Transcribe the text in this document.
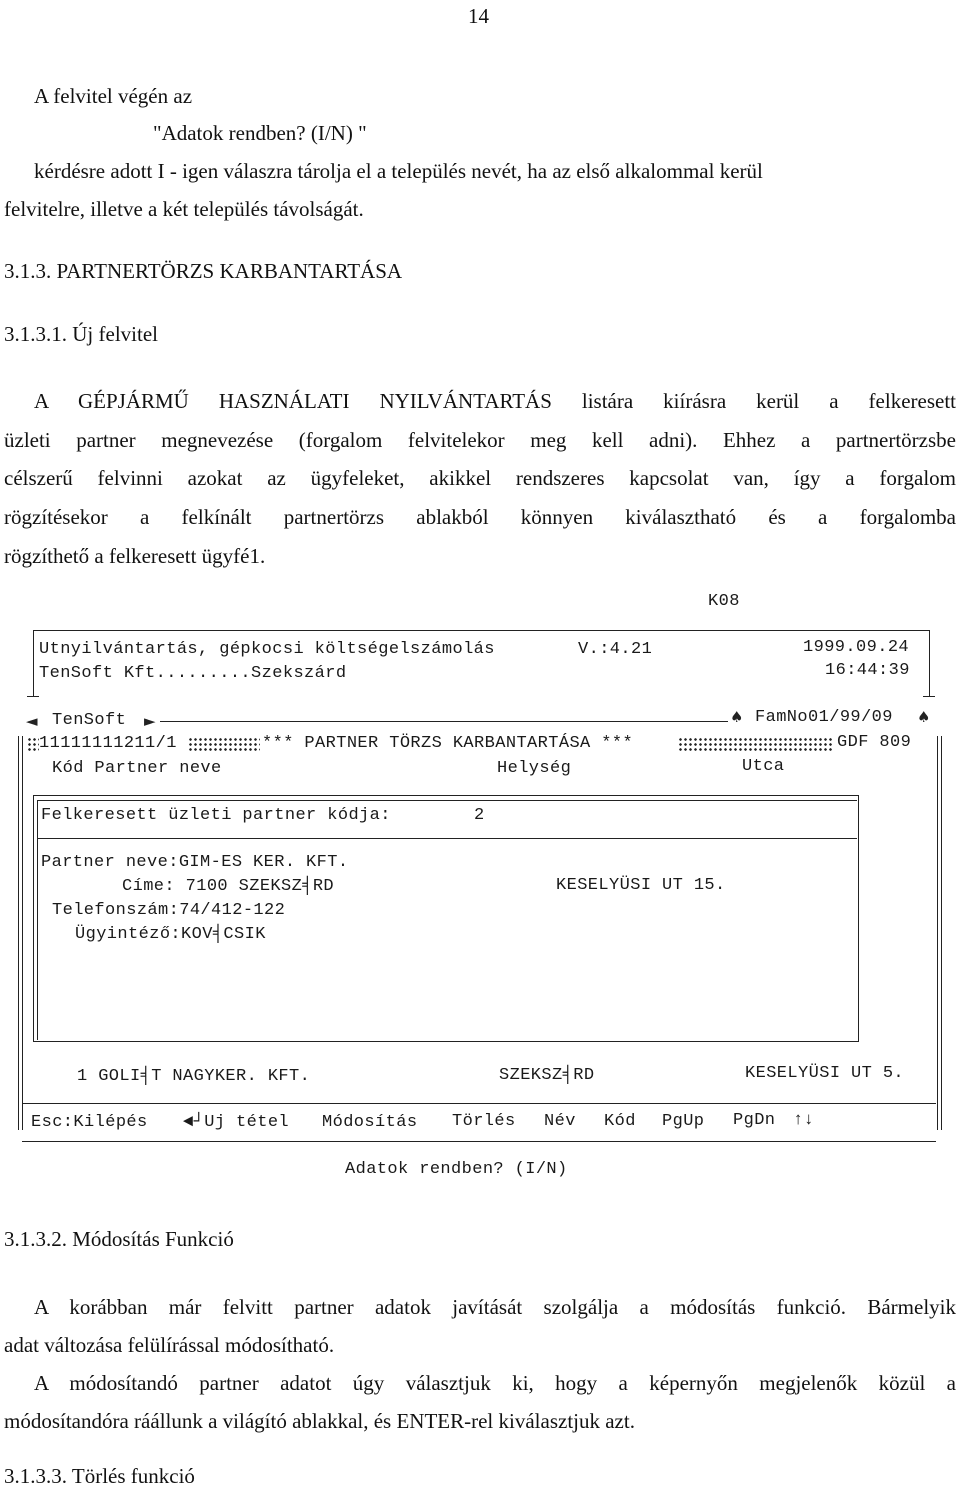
14
A felvitel végén az
"Adatok rendben? (I/N) "
kérdésre adott I - igen válaszra tárolja el a település nevét, ha az első alkalommal kerül
felvitelre, illetve a két település távolságát.
3.1.3. PARTNERTÖRZS KARBANTARTÁSA
3.1.3.1. Új felvitel
A GÉPJÁRMŰ HASZNÁLATI NYILVÁNTARTÁS listára kiírásra kerül a felkeresett
üzleti partner megnevezése (forgalom felvitelekor meg kell adni). Ehhez a partnertörzsbe
célszerű felvinni azokat az ügyfeleket, akikkel rendszeres kapcsolat van, így a forgalom
rögzítésekor a felkínált partnertörzs ablakból könnyen kiválasztható és a forgalomba
rögzíthető a felkeresett ügyfé1.
K08
Utnyilvántartás, gépkocsi költségelszámolás	V.:4.21	1999.09.24
TenSoft Kft.........Szekszárd	16:44:39
◄ TenSoft ►	♠ FamNo01/99/09 ♠
11111111211/1	*** PARTNER TÖRZS KARBANTARTÁSA ***	GDF 809
Kód Partner neve	Helység	Utca
Felkeresett üzleti partner kódja:	2
Partner neve:GIM-ES KER. KFT.
Címe: 7100 SZEKSZ╡RD	KESELYÜSI UT 15.
Telefonszám:74/412-122
Ügyintéző:KOV╡CSIK
1 GOLI╡T NAGYKER. KFT.	SZEKSZ╡RD	KESELYÜSI UT 5.
Esc:Kilépés ◄┘Uj tétel Módosítás Törlés Név Kód PgUp PgDn ↑↓
Adatok rendben? (I/N)
3.1.3.2. Módosítás Funkció
A korábban már felvitt partner adatok javítását szolgálja a módosítás funkció. Bármelyik
adat változása felülírással módosítható.
A módosítandó partner adatot úgy választjuk ki, hogy a képernyőn megjelenők közül a
módosítandóra ráállunk a világító ablakkal, és ENTER-rel kiválasztjuk azt.
3.1.3.3. Törlés funkció
